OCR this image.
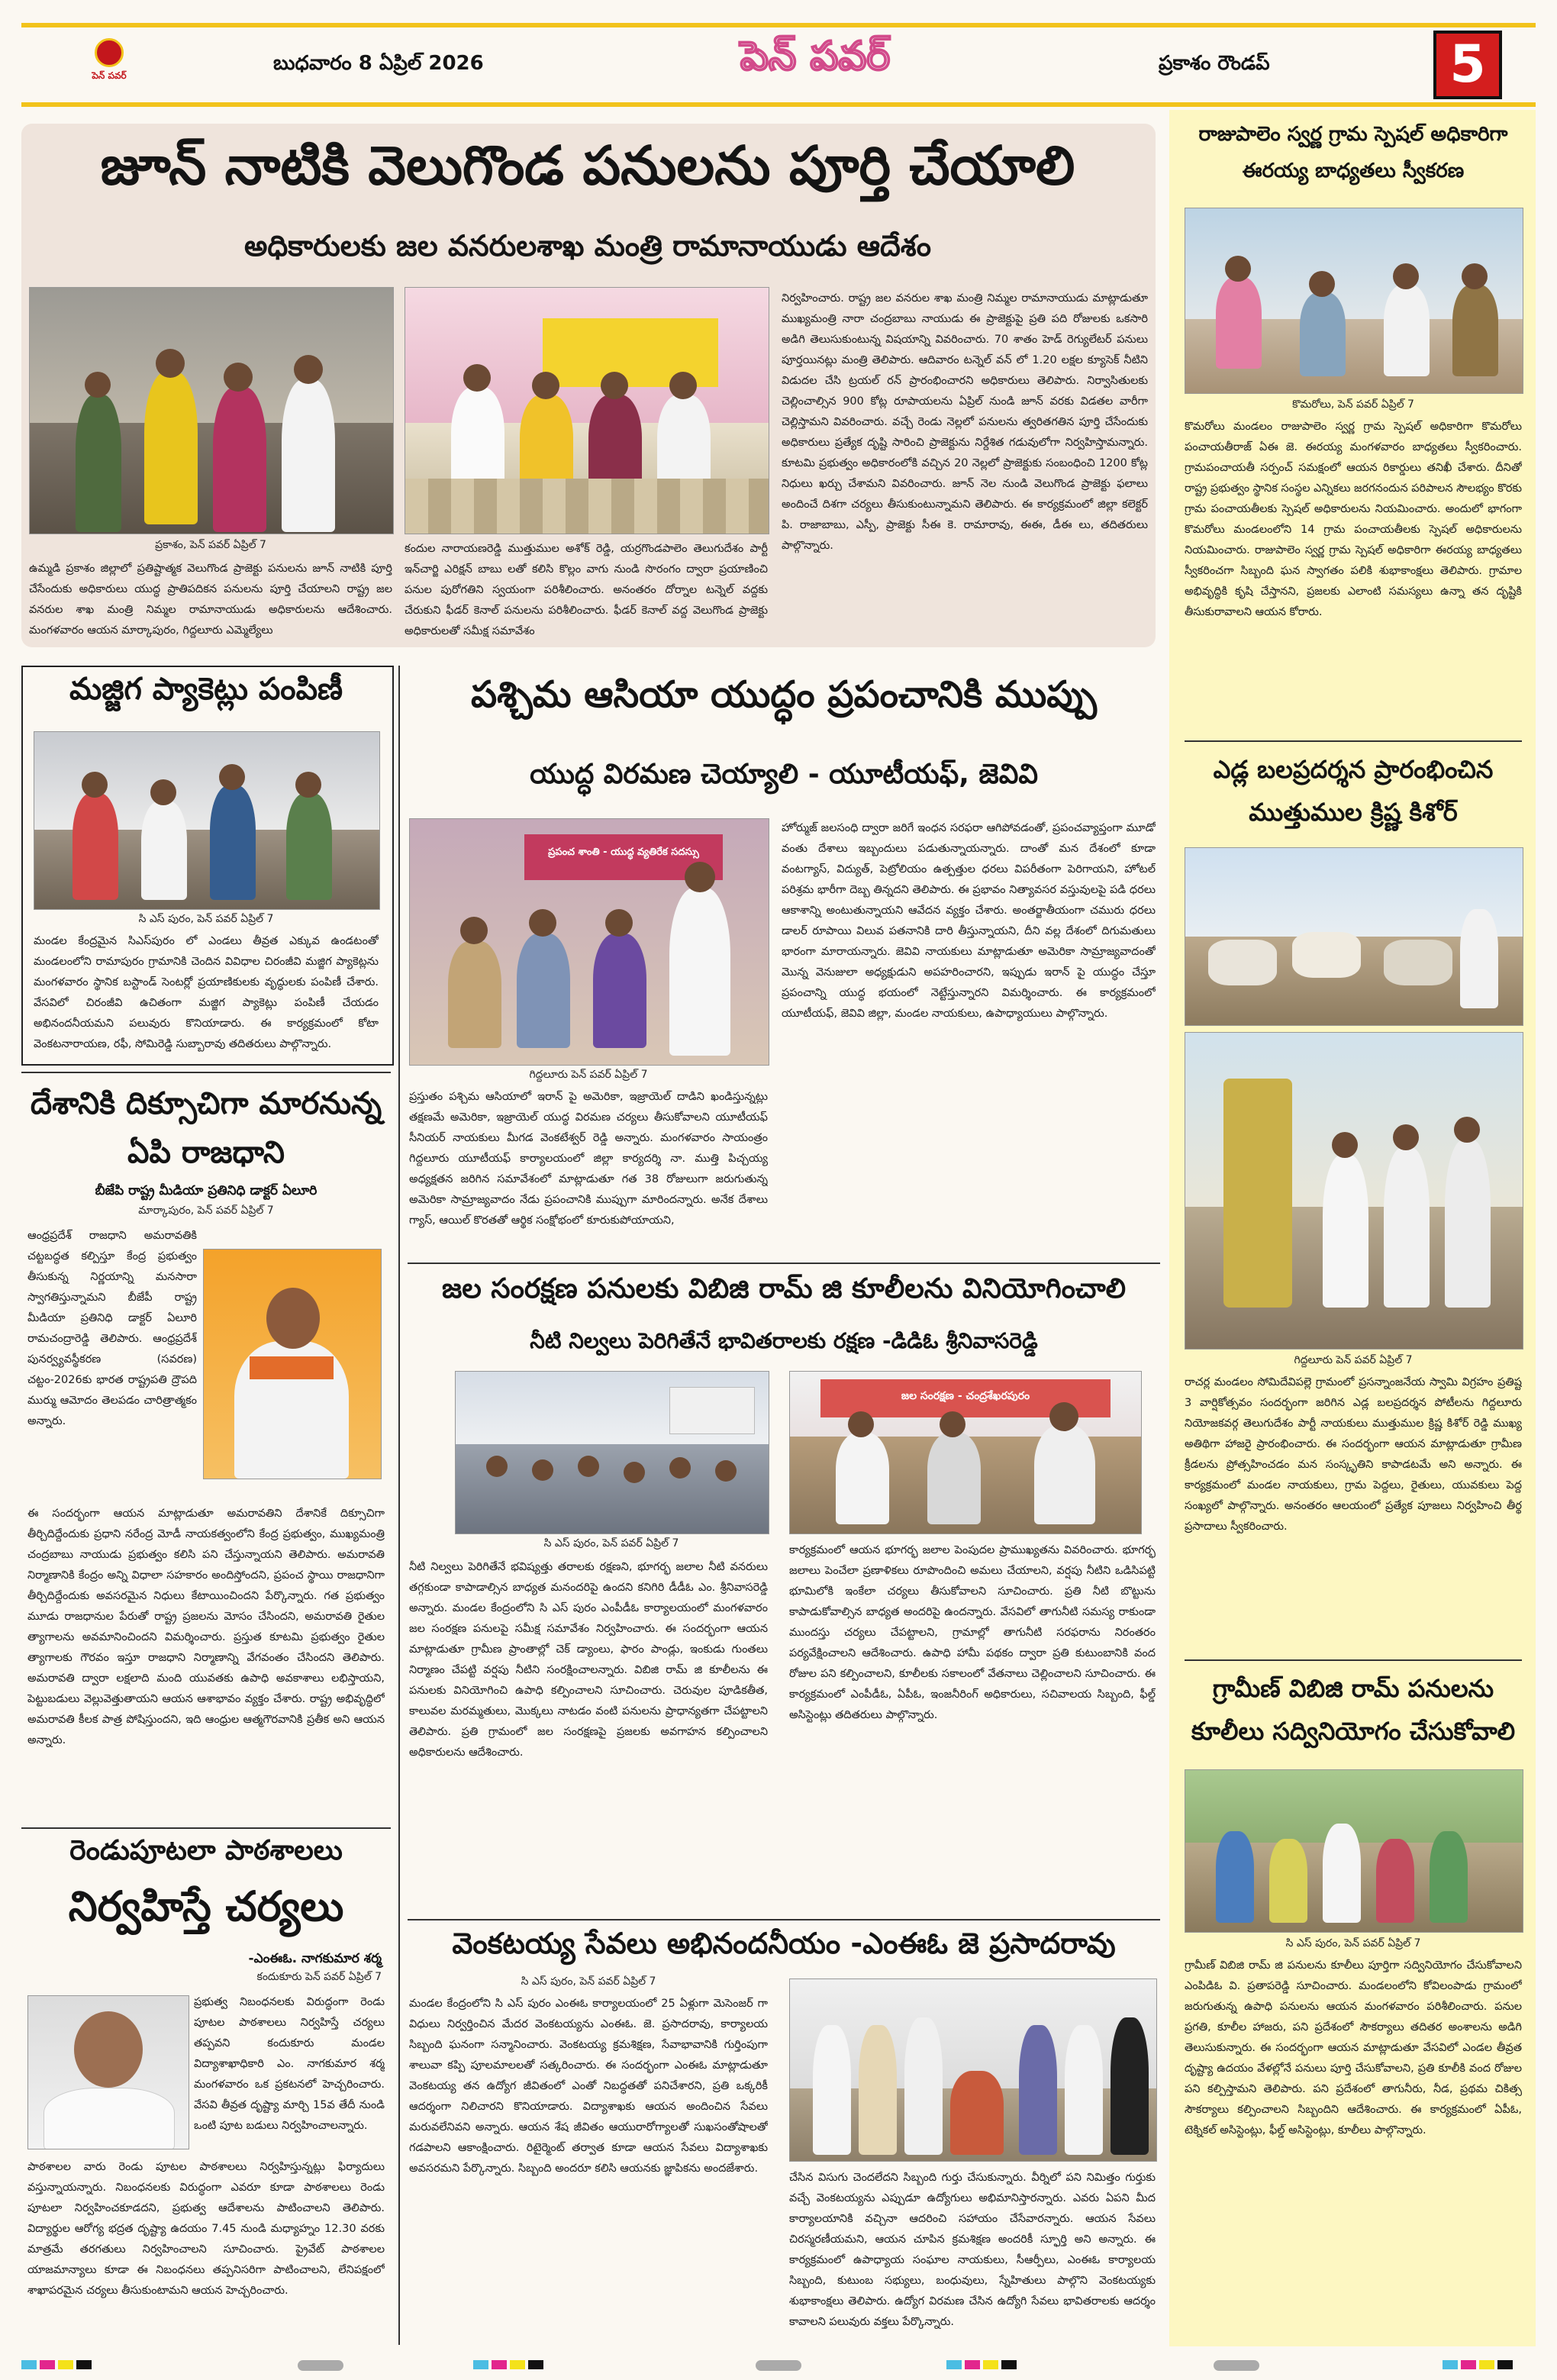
పెన్ పవర్
బుధవారం 8 ఏప్రిల్ 2026	పెన్ పవర్	ప్రకాశం రౌండప్	5
జూన్ నాటికి వెలుగొండ పనులను పూర్తి చేయాలి
అధికారులకు జల వనరులశాఖ మంత్రి రామానాయుడు ఆదేశం
ప్రకాశం, పెన్ పవర్ ఏప్రిల్ 7
ఉమ్మడి ప్రకాశం జిల్లాలో ప్రతిష్టాత్మక వెలుగొండ ప్రాజెక్టు పనులను జూన్ నాటికి పూర్తి చేసేందుకు అధికారులు యుద్ధ ప్రాతిపదికన పనులను పూర్తి చేయాలని రాష్ట్ర జల వనరుల శాఖ మంత్రి నిమ్మల రామానాయుడు అధికారులను ఆదేశించారు. మంగళవారం ఆయన మార్కాపురం, గిద్దలూరు ఎమ్మెల్యేలు
కందుల నారాయణరెడ్డి ముత్తుముల అశోక్ రెడ్డి, యర్రగొండపాలెం తెలుగుదేశం పార్టీ ఇన్‌చార్జి ఎరిక్షన్ బాబు లతో కలిసి కొల్లం వాగు నుండి సొరంగం ద్వారా ప్రయాణించి పనుల పురోగతిని స్వయంగా పరిశీలించారు. అనంతరం దోర్నాల టన్నెల్ వద్దకు చేరుకుని ఫీడర్ కెనాల్ పనులను పరిశీలించారు. ఫీడర్ కెనాల్ వద్ద వెలుగొండ ప్రాజెక్టు అధికారులతో సమీక్ష సమావేశం
నిర్వహించారు. రాష్ట్ర జల వనరుల శాఖ మంత్రి నిమ్మల రామానాయుడు మాట్లాడుతూ ముఖ్యమంత్రి నారా చంద్రబాబు నాయుడు ఈ ప్రాజెక్టుపై ప్రతి పది రోజులకు ఒకసారి అడిగి తెలుసుకుంటున్న విషయాన్ని వివరించారు. 70 శాతం హెడ్ రెగ్యులేటర్ పనులు పూర్తయినట్లు మంత్రి తెలిపారు. ఆదివారం టన్నెల్ వన్ లో 1.20 లక్షల క్యూసెక్ నీటిని విడుదల చేసి ట్రయల్ రన్ ప్రారంభించారని అధికారులు తెలిపారు. నిర్వాసితులకు చెల్లించాల్సిన 900 కోట్ల రూపాయలను ఏప్రిల్ నుండి జూన్ వరకు విడతల వారీగా చెల్లిస్తామని వివరించారు. వచ్చే రెండు నెల్లలో పనులను త్వరితగతిన పూర్తి చేసేందుకు అధికారులు ప్రత్యేక దృష్టి సారించి ప్రాజెక్టును నిర్దేశిత గడువులోగా నిర్వహిస్తామన్నారు. కూటమి ప్రభుత్వం అధికారంలోకి వచ్చిన 20 నెల్లలో ప్రాజెక్టుకు సంబంధించి 1200 కోట్ల నిధులు ఖర్చు చేశామని వివరించారు. జూన్ నెల నుండి వెలుగొండ ప్రాజెక్టు ఫలాలు అందించే దిశగా చర్యలు తీసుకుంటున్నామని తెలిపారు. ఈ కార్యక్రమంలో జిల్లా కలెక్టర్ పి. రాజాబాబు, ఎస్పీ, ప్రాజెక్టు సీఈ కె. రామారావు, ఈఈ, డీఈ లు, తదితరులు పాల్గొన్నారు.
రాజుపాలెం స్వర్ణ గ్రామ స్పెషల్ అధికారిగా ఈరయ్య బాధ్యతలు స్వీకరణ
కొమరోలు, పెన్ పవర్ ఏప్రిల్ 7
కొమరోలు మండలం రాజుపాలెం స్వర్ణ గ్రామ స్పెషల్ అధికారిగా కొమరోలు పంచాయతీరాజ్ ఏఈ జె. ఈరయ్య మంగళవారం బాధ్యతలు స్వీకరించారు. గ్రామపంచాయతీ సర్పంచ్ సమక్షంలో ఆయన రికార్డులు తనిఖీ చేశారు. దీనితో రాష్ట్ర ప్రభుత్వం స్థానిక సంస్థల ఎన్నికలు జరగనందున పరిపాలన సౌలభ్యం కొరకు గ్రామ పంచాయతీలకు స్పెషల్ అధికారులను నియమించారు. అందులో భాగంగా కొమరోలు మండలంలోని 14 గ్రామ పంచాయతీలకు స్పెషల్ అధికారులను నియమించారు. రాజుపాలెం స్వర్ణ గ్రామ స్పెషల్ అధికారిగా ఈరయ్య బాధ్యతలు స్వీకరించగా సిబ్బంది ఘన స్వాగతం పలికి శుభాకాంక్షలు తెలిపారు. గ్రామాల అభివృద్ధికి కృషి చేస్తానని, ప్రజలకు ఎలాంటి సమస్యలు ఉన్నా తన దృష్టికి తీసుకురావాలని ఆయన కోరారు.
ఎడ్ల బలప్రదర్శన ప్రారంభించిన ముత్తుముల క్రిష్ణ కిశోర్
గిద్దలూరు పెన్ పవర్ ఏప్రిల్ 7
రాచర్ల మండలం సోమిదేవిపల్లె గ్రామంలో ప్రసన్నాంజనేయ స్వామి విగ్రహం ప్రతిష్ట 3 వార్షికోత్సవం సందర్భంగా జరిగిన ఎడ్ల బలప్రదర్శన పోటీలను గిద్దలూరు నియోజకవర్గ తెలుగుదేశం పార్టీ నాయకులు ముత్తుముల క్రిష్ణ కిశోర్ రెడ్డి ముఖ్య అతిథిగా హాజరై ప్రారంభించారు. ఈ సందర్భంగా ఆయన మాట్లాడుతూ గ్రామీణ క్రీడలను ప్రోత్సహించడం మన సంస్కృతిని కాపాడటమే అని అన్నారు. ఈ కార్యక్రమంలో మండల నాయకులు, గ్రామ పెద్దలు, రైతులు, యువకులు పెద్ద సంఖ్యలో పాల్గొన్నారు. అనంతరం ఆలయంలో ప్రత్యేక పూజలు నిర్వహించి తీర్థ ప్రసాదాలు స్వీకరించారు.
గ్రామీణ్ వి‌బిజి రామ్ పనులను కూలీలు సద్వినియోగం చేసుకోవాలి
సి ఎస్ పురం, పెన్ పవర్ ఏప్రిల్ 7
గ్రామీణ్ విబిజి రామ్ జి పనులను కూలీలు పూర్తిగా సద్వినియోగం చేసుకోవాలని ఎంపిడిఓ వి. ప్రతాపరెడ్డి సూచించారు. మండలంలోని కోవిలంపాడు గ్రామంలో జరుగుతున్న ఉపాధి పనులను ఆయన మంగళవారం పరిశీలించారు. పనుల ప్రగతి, కూలీల హాజరు, పని ప్రదేశంలో సౌకర్యాలు తదితర అంశాలను అడిగి తెలుసుకున్నారు. ఈ సందర్భంగా ఆయన మాట్లాడుతూ వేసవిలో ఎండల తీవ్రత దృష్ట్యా ఉదయం వేళల్లోనే పనులు పూర్తి చేసుకోవాలని, ప్రతి కూలీకి వంద రోజుల పని కల్పిస్తామని తెలిపారు. పని ప్రదేశంలో తాగునీరు, నీడ, ప్రథమ చికిత్స సౌకర్యాలు కల్పించాలని సిబ్బందిని ఆదేశించారు. ఈ కార్యక్రమంలో ఏపీఓ, టెక్నికల్ అసిస్టెంట్లు, ఫీల్డ్ అసిస్టెంట్లు, కూలీలు పాల్గొన్నారు.
మజ్జిగ ప్యాకెట్లు పంపిణీ
సి ఎస్ పురం, పెన్ పవర్ ఏప్రిల్ 7
మండల కేంద్రమైన సిఎస్‌పురం లో ఎండలు తీవ్రత ఎక్కువ ఉండటంతో మండలంలోని రామాపురం గ్రామానికి చెందిన వివిధాల చిరంజీవి మజ్జిగ ప్యాకెట్లను మంగళవారం స్థానిక బస్టాండ్ సెంటర్లో ప్రయాణికులకు వృద్ధులకు పంపిణీ చేశారు. వేసవిలో చిరంజీవి ఉచితంగా మజ్జిగ ప్యాకెట్లు పంపిణీ చేయడం అభినందనీయమని పలువురు కొనియాడారు. ఈ కార్యక్రమంలో కోటా వెంకటనారాయణ, రఫీ, సోమిరెడ్డి సుబ్బారావు తదితరులు పాల్గొన్నారు.
దేశానికి దిక్సూచిగా మారనున్న ఏపి రాజధాని
బీజేపి రాష్ట్ర మీడియా ప్రతినిధి డాక్టర్ ఏలూరి
మార్కాపురం, పెన్ పవర్ ఏప్రిల్ 7
ఆంధ్రప్రదేశ్ రాజధాని అమరావతికి చట్టబద్ధత కల్పిస్తూ కేంద్ర ప్రభుత్వం తీసుకున్న నిర్ణయాన్ని మనసారా స్వాగతిస్తున్నామని బీజేపీ రాష్ట్ర మీడియా ప్రతినిధి డాక్టర్ ఏలూరి రామచంద్రారెడ్డి తెలిపారు. ఆంధ్రప్రదేశ్ పునర్వ్యవస్థీకరణ (సవరణ) చట్టం-2026కు భారత రాష్ట్రపతి ద్రౌపది ముర్ము ఆమోదం తెలపడం చారిత్రాత్మకం అన్నారు.
ఈ సందర్భంగా ఆయన మాట్లాడుతూ అమరావతిని దేశానికే దిక్సూచిగా తీర్చిదిద్దేందుకు ప్రధాని నరేంద్ర మోడీ నాయకత్వంలోని కేంద్ర ప్రభుత్వం, ముఖ్యమంత్రి చంద్రబాబు నాయుడు ప్రభుత్వం కలిసి పని చేస్తున్నాయని తెలిపారు. అమరావతి నిర్మాణానికి కేంద్రం అన్ని విధాలా సహకారం అందిస్తోందని, ప్రపంచ స్థాయి రాజధానిగా తీర్చిదిద్దేందుకు అవసరమైన నిధులు కేటాయించిందని పేర్కొన్నారు. గత ప్రభుత్వం మూడు రాజధానుల పేరుతో రాష్ట్ర ప్రజలను మోసం చేసిందని, అమరావతి రైతుల త్యాగాలను అవమానించిందని విమర్శించారు. ప్రస్తుత కూటమి ప్రభుత్వం రైతుల త్యాగాలకు గౌరవం ఇస్తూ రాజధాని నిర్మాణాన్ని వేగవంతం చేసిందని తెలిపారు. అమరావతి ద్వారా లక్షలాది మంది యువతకు ఉపాధి అవకాశాలు లభిస్తాయని, పెట్టుబడులు వెల్లువెత్తుతాయని ఆయన ఆశాభావం వ్యక్తం చేశారు. రాష్ట్ర అభివృద్ధిలో అమరావతి కీలక పాత్ర పోషిస్తుందని, ఇది ఆంధ్రుల ఆత్మగౌరవానికి ప్రతీక అని ఆయన అన్నారు.
రెండుపూటలా పాఠశాలలు
నిర్వహిస్తే చర్యలు
-ఎంఈఓ. నాగకుమార శర్మ
కందుకూరు పెన్ పవర్ ఏప్రిల్ 7
ప్రభుత్వ నిబంధనలకు విరుద్ధంగా రెండు పూటల పాఠశాలలు నిర్వహిస్తే చర్యలు తప్పవని కందుకూరు మండల విద్యాశాఖాధికారి ఎం. నాగకుమార శర్మ మంగళవారం ఒక ప్రకటనలో హెచ్చరించారు. వేసవి తీవ్రత దృష్ట్యా మార్చి 15వ తేదీ నుండి ఒంటి పూట బడులు నిర్వహించాలన్నారు.
పాఠశాలల వారు రెండు పూటల పాఠశాలలు నిర్వహిస్తున్నట్లు ఫిర్యాదులు వస్తున్నాయన్నారు. నిబంధనలకు విరుద్ధంగా ఎవరూ కూడా పాఠశాలలు రెండు పూటలా నిర్వహించకూడదని, ప్రభుత్వ ఆదేశాలను పాటించాలని తెలిపారు. విద్యార్థుల ఆరోగ్య భద్రత దృష్ట్యా ఉదయం 7.45 నుండి మధ్యాహ్నం 12.30 వరకు మాత్రమే తరగతులు నిర్వహించాలని సూచించారు. ప్రైవేట్ పాఠశాలల యాజమాన్యాలు కూడా ఈ నిబంధనలు తప్పనిసరిగా పాటించాలని, లేనిపక్షంలో శాఖాపరమైన చర్యలు తీసుకుంటామని ఆయన హెచ్చరించారు.
పశ్చిమ ఆసియా యుద్ధం ప్రపంచానికి ముప్పు
యుద్ధ విరమణ చెయ్యాలి - యూటీయఫ్, జెవివి
ప్రపంచ శాంతి - యుద్ధ వ్యతిరేక సదస్సు
గిద్దలూరు పెన్ పవర్ ఏప్రిల్ 7
ప్రస్తుతం పశ్చిమ ఆసియాలో ఇరాన్ పై అమెరికా, ఇజ్రాయెల్ దాడిని ఖండిస్తున్నట్లు తక్షణమే అమెరికా, ఇజ్రాయెల్ యుద్ధ విరమణ చర్యలు తీసుకోవాలని యూటీయఫ్ సీనియర్ నాయకులు మీగడ వెంకటేశ్వర్ రెడ్డి అన్నారు. మంగళవారం సాయంత్రం గిద్దలూరు యూటీయఫ్ కార్యాలయంలో జిల్లా కార్యదర్శి నా. ముత్తి పిచ్చయ్య అధ్యక్షతన జరిగిన సమావేశంలో మాట్లాడుతూ గత 38 రోజులుగా జరుగుతున్న అమెరికా సామ్రాజ్యవాదం నేడు ప్రపంచానికి ముప్పుగా మారిందన్నారు. అనేక దేశాలు గ్యాస్, ఆయిల్ కొరతతో ఆర్థిక సంక్షోభంలో కూరుకుపోయాయని,
హోర్ముజ్ జలసంధి ద్వారా జరిగే ఇంధన సరఫరా ఆగిపోవడంతో, ప్రపంచవ్యాప్తంగా మూడో వంతు దేశాలు ఇబ్బందులు పడుతున్నాయన్నారు. దాంతో మన దేశంలో కూడా వంటగ్యాస్, విద్యుత్, పెట్రోలియం ఉత్పత్తుల ధరలు విపరీతంగా పెరిగాయని, హోటల్ పరిశ్రమ భారీగా దెబ్బ తిన్నదని తెలిపారు. ఈ ప్రభావం నిత్యావసర వస్తువులపై పడి ధరలు ఆకాశాన్ని అంటుతున్నాయని ఆవేదన వ్యక్తం చేశారు. అంతర్జాతీయంగా చమురు ధరలు డాలర్ రూపాయి విలువ పతనానికి దారి తీస్తున్నాయని, దీని వల్ల దేశంలో దిగుమతులు భారంగా మారాయన్నారు. జెవివి నాయకులు మాట్లాడుతూ అమెరికా సామ్రాజ్యవాదంతో మొన్న వెనుజులా అధ్యక్షుడుని అపహరించారని, ఇప్పుడు ఇరాన్ పై యుద్ధం చేస్తూ ప్రపంచాన్ని యుద్ధ భయంలో నెట్టేస్తున్నారని విమర్శించారు. ఈ కార్యక్రమంలో యూటీయఫ్, జెవివి జిల్లా, మండల నాయకులు, ఉపాధ్యాయులు పాల్గొన్నారు.
జల సంరక్షణ పనులకు వి‌బిజి రామ్ జి కూలీలను వినియోగించాలి
నీటి నిల్వలు పెరిగితేనే భావితరాలకు రక్షణ -డిడిఓ శ్రీనివాసరెడ్డి
జల సంరక్షణ - చంద్రశేఖరపురం
సి ఎస్ పురం, పెన్ పవర్ ఏప్రిల్ 7
నీటి నిల్వలు పెరిగితేనే భవిష్యత్తు తరాలకు రక్షణని, భూగర్భ జలాల నీటి వనరులు తగ్గకుండా కాపాడాల్సిన బాధ్యత మనందరిపై ఉందని కనిగిరి డీడీఓ ఎం. శ్రీనివాసరెడ్డి అన్నారు. మండల కేంద్రంలోని సి ఎస్ పురం ఎంపీడీఓ కార్యాలయంలో మంగళవారం జల సంరక్షణ పనులపై సమీక్ష సమావేశం నిర్వహించారు. ఈ సందర్భంగా ఆయన మాట్లాడుతూ గ్రామీణ ప్రాంతాల్లో చెక్ డ్యాంలు, ఫారం పాండ్లు, ఇంకుడు గుంతలు నిర్మాణం చేపట్టి వర్షపు నీటిని సంరక్షించాలన్నారు. వి‌బిజి రామ్ జి కూలీలను ఈ పనులకు వినియోగించి ఉపాధి కల్పించాలని సూచించారు. చెరువుల పూడికతీత, కాలువల మరమ్మతులు, మొక్కలు నాటడం వంటి పనులను ప్రాధాన్యతగా చేపట్టాలని తెలిపారు. ప్రతి గ్రామంలో జల సంరక్షణపై ప్రజలకు అవగాహన కల్పించాలని అధికారులను ఆదేశించారు.
కార్యక్రమంలో ఆయన భూగర్భ జలాల పెంపుదల ప్రాముఖ్యతను వివరించారు. భూగర్భ జలాలు పెంచేలా ప్రణాళికలు రూపొందించి అమలు చేయాలని, వర్షపు నీటిని ఒడిసిపట్టి భూమిలోకి ఇంకేలా చర్యలు తీసుకోవాలని సూచించారు. ప్రతి నీటి బొట్టును కాపాడుకోవాల్సిన బాధ్యత అందరిపై ఉందన్నారు. వేసవిలో తాగునీటి సమస్య రాకుండా ముందస్తు చర్యలు చేపట్టాలని, గ్రామాల్లో తాగునీటి సరఫరాను నిరంతరం పర్యవేక్షించాలని ఆదేశించారు. ఉపాధి హామీ పథకం ద్వారా ప్రతి కుటుంబానికి వంద రోజుల పని కల్పించాలని, కూలీలకు సకాలంలో వేతనాలు చెల్లించాలని సూచించారు. ఈ కార్యక్రమంలో ఎంపీడీఓ, ఏపీఓ, ఇంజనీరింగ్ అధికారులు, సచివాలయ సిబ్బంది, ఫీల్డ్ అసిస్టెంట్లు తదితరులు పాల్గొన్నారు.
వెంకటయ్య సేవలు అభినందనీయం -ఎంఈఓ జె ప్రసాదరావు
సి ఎస్ పురం, పెన్ పవర్ ఏప్రిల్ 7
మండల కేంద్రంలోని సి ఎస్ పురం ఎంఈఓ కార్యాలయంలో 25 ఏళ్లుగా మెసెంజర్ గా విధులు నిర్వర్తించిన మేదర వెంకటయ్యను ఎంఈఓ. జె. ప్రసాదరావు, కార్యాలయ సిబ్బంది ఘనంగా సన్మానించారు. వెంకటయ్య క్రమశిక్షణ, సేవాభావానికి గుర్తింపుగా శాలువా కప్పి పూలమాలలతో సత్కరించారు. ఈ సందర్భంగా ఎంఈఓ మాట్లాడుతూ వెంకటయ్య తన ఉద్యోగ జీవితంలో ఎంతో నిబద్ధతతో పనిచేశారని, ప్రతి ఒక్కరికీ ఆదర్శంగా నిలిచారని కొనియాడారు. విద్యాశాఖకు ఆయన అందించిన సేవలు మరువలేనివని అన్నారు. ఆయన శేష జీవితం ఆయురారోగ్యాలతో సుఖసంతోషాలతో గడపాలని ఆకాంక్షించారు. రిటైర్మెంట్ తర్వాత కూడా ఆయన సేవలు విద్యాశాఖకు అవసరమని పేర్కొన్నారు. సిబ్బంది అందరూ కలిసి ఆయనకు జ్ఞాపికను అందజేశారు.
చేసిన విసుగు చెందలేదని సిబ్బంది గుర్తు చేసుకున్నారు. వీర్నిలో పని నిమిత్తం గుర్తుకు వచ్చే వెంకటయ్యను ఎప్పుడూ ఉద్యోగులు అభిమానిస్తారన్నారు. ఎవరు ఏపని మీద కార్యాలయానికి వచ్చినా ఆదరించి సహాయం చేసేవారన్నారు. ఆయన సేవలు చిరస్మరణీయమని, ఆయన చూపిన క్రమశిక్షణ అందరికీ స్ఫూర్తి అని అన్నారు. ఈ కార్యక్రమంలో ఉపాధ్యాయ సంఘాల నాయకులు, సీఆర్పీలు, ఎంఈఓ కార్యాలయ సిబ్బంది, కుటుంబ సభ్యులు, బంధువులు, స్నేహితులు పాల్గొని వెంకటయ్యకు శుభాకాంక్షలు తెలిపారు. ఉద్యోగ విరమణ చేసిన ఉద్యోగి సేవలు భావితరాలకు ఆదర్శం కావాలని పలువురు వక్తలు పేర్కొన్నారు.
